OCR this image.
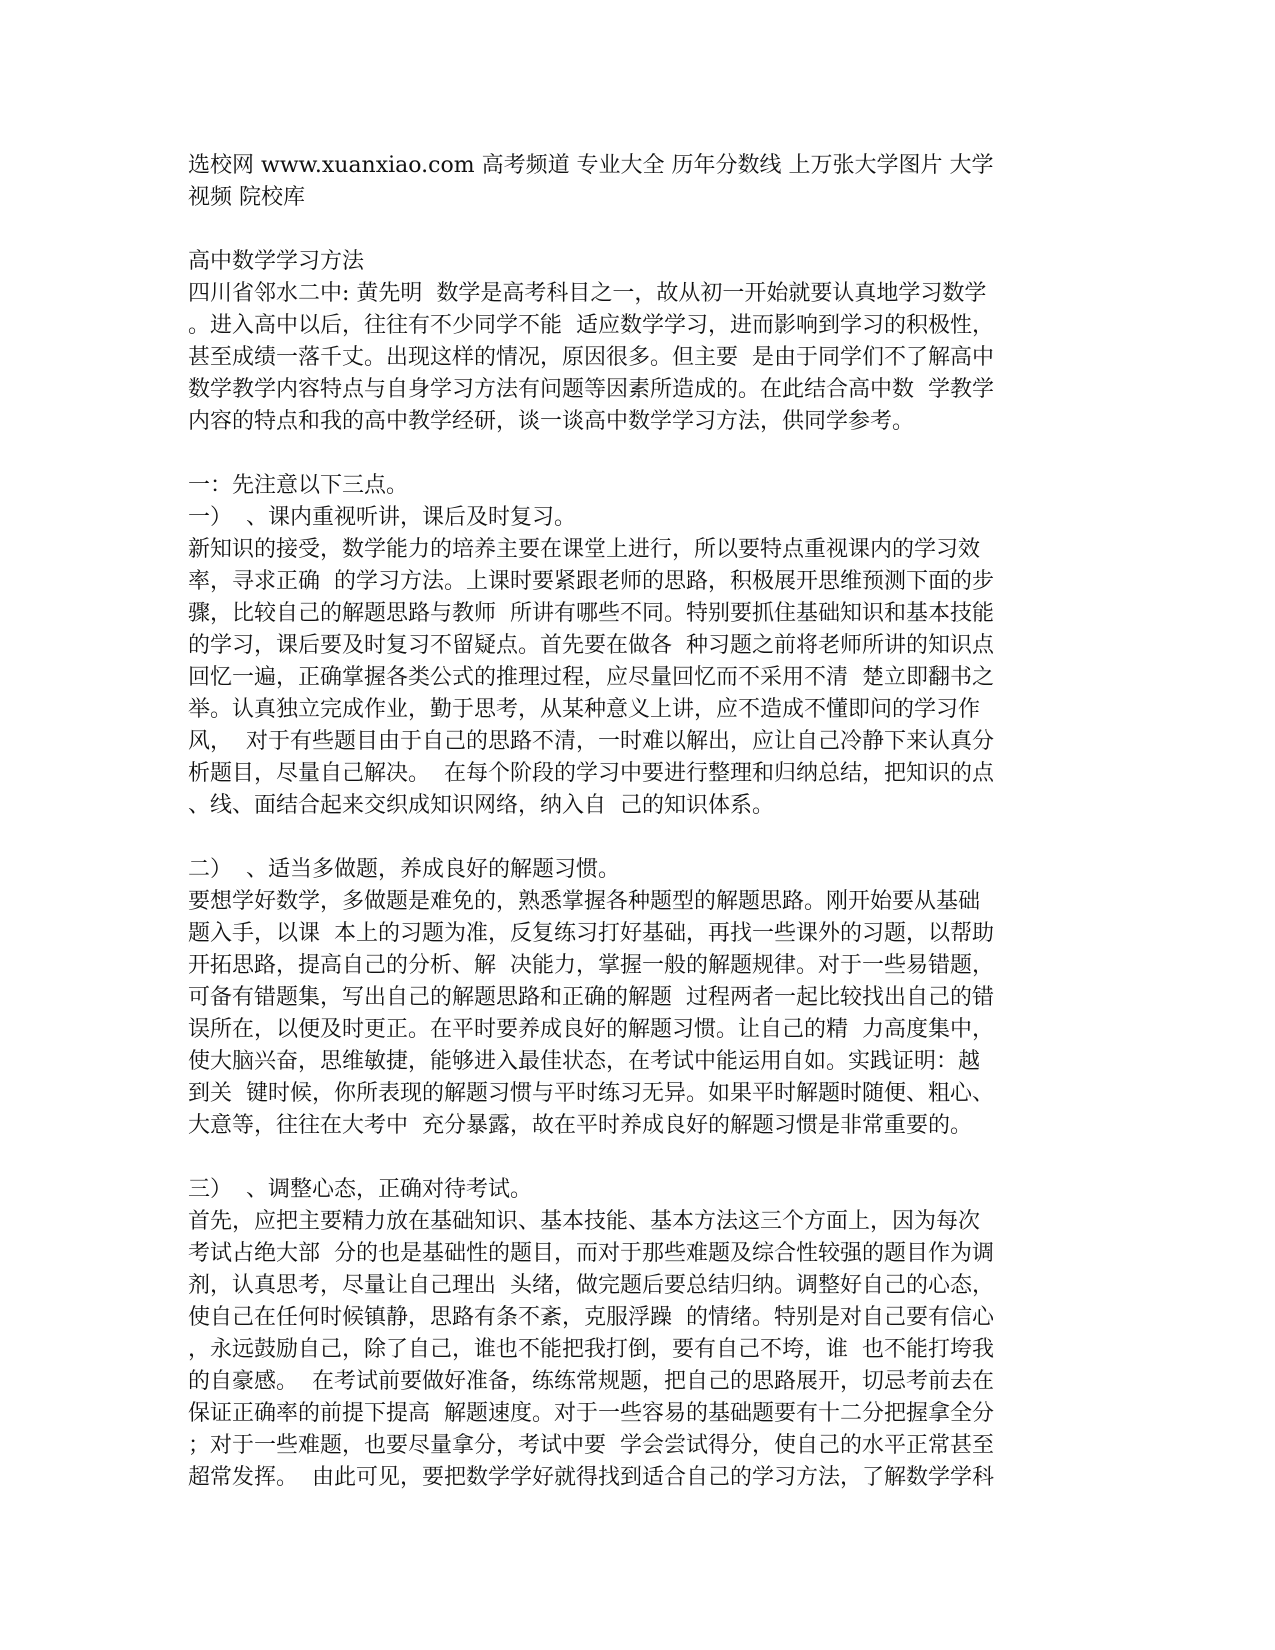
选校网 www.xuanxiao.com 高考频道 专业大全 历年分数线 上万张大学图片 大学

视频 院校库

高中数学学习方法

四川省邻水二中: 黄先明  数学是高考科目之一，故从初一开始就要认真地学习数学

。进入高中以后，往往有不少同学不能  适应数学学习，进而影响到学习的积极性，

甚至成绩一落千丈。出现这样的情况，原因很多。但主要  是由于同学们不了解高中

数学教学内容特点与自身学习方法有问题等因素所造成的。在此结合高中数  学教学

内容的特点和我的高中教学经研，谈一谈高中数学学习方法，供同学参考。

一：先注意以下三点。

一）  、课内重视听讲，课后及时复习。

新知识的接受，数学能力的培养主要在课堂上进行，所以要特点重视课内的学习效

率，寻求正确  的学习方法。上课时要紧跟老师的思路，积极展开思维预测下面的步

骤，比较自己的解题思路与教师  所讲有哪些不同。特别要抓住基础知识和基本技能

的学习，课后要及时复习不留疑点。首先要在做各  种习题之前将老师所讲的知识点

回忆一遍，正确掌握各类公式的推理过程，应尽量回忆而不采用不清  楚立即翻书之

举。认真独立完成作业，勤于思考，从某种意义上讲，应不造成不懂即问的学习作

风，  对于有些题目由于自己的思路不清，一时难以解出，应让自己冷静下来认真分

析题目，尽量自己解决。  在每个阶段的学习中要进行整理和归纳总结，把知识的点

、线、面结合起来交织成知识网络，纳入自  己的知识体系。

二）  、适当多做题，养成良好的解题习惯。

要想学好数学，多做题是难免的，熟悉掌握各种题型的解题思路。刚开始要从基础

题入手，以课  本上的习题为准，反复练习打好基础，再找一些课外的习题，以帮助

开拓思路，提高自己的分析、解  决能力，掌握一般的解题规律。对于一些易错题，

可备有错题集，写出自己的解题思路和正确的解题  过程两者一起比较找出自己的错

误所在，以便及时更正。在平时要养成良好的解题习惯。让自己的精  力高度集中，

使大脑兴奋，思维敏捷，能够进入最佳状态，在考试中能运用自如。实践证明：越

到关  键时候，你所表现的解题习惯与平时练习无异。如果平时解题时随便、粗心、

大意等，往往在大考中  充分暴露，故在平时养成良好的解题习惯是非常重要的。

三）  、调整心态，正确对待考试。

首先，应把主要精力放在基础知识、基本技能、基本方法这三个方面上，因为每次

考试占绝大部  分的也是基础性的题目，而对于那些难题及综合性较强的题目作为调

剂，认真思考，尽量让自己理出  头绪，做完题后要总结归纳。调整好自己的心态，

使自己在任何时候镇静，思路有条不紊，克服浮躁  的情绪。特别是对自己要有信心

，永远鼓励自己，除了自己，谁也不能把我打倒，要有自己不垮，谁  也不能打垮我

的自豪感。  在考试前要做好准备，练练常规题，把自己的思路展开，切忌考前去在

保证正确率的前提下提高  解题速度。对于一些容易的基础题要有十二分把握拿全分

；对于一些难题，也要尽量拿分，考试中要  学会尝试得分，使自己的水平正常甚至

超常发挥。  由此可见，要把数学学好就得找到适合自己的学习方法，了解数学学科
